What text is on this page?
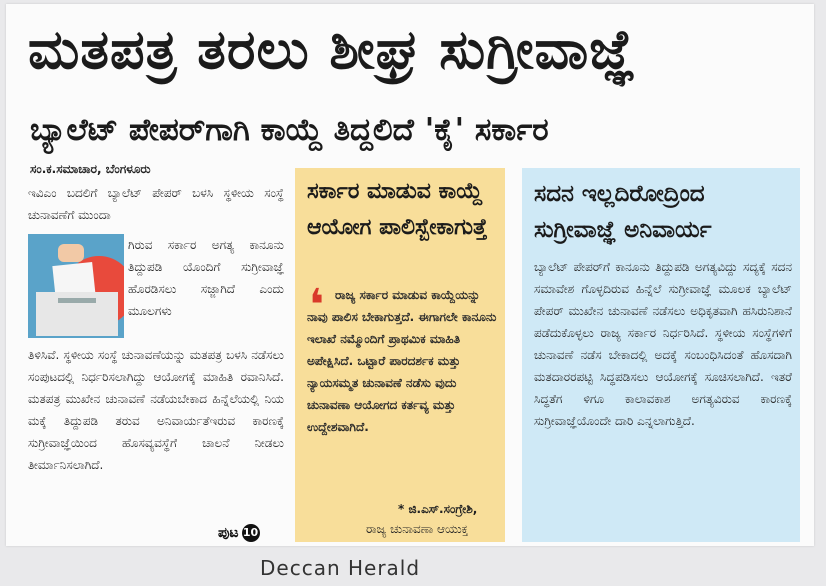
ಮತಪತ್ರ ತರಲು ಶೀಘ್ರ ಸುಗ್ರೀವಾಜ್ಞೆ
ಬ್ಯಾಲೆಟ್ ಪೇಪರ್‌ಗಾಗಿ ಕಾಯ್ದೆ ತಿದ್ದಲಿದೆ 'ಕೈ' ಸರ್ಕಾರ
ಸಂ.ಕ.ಸಮಾಚಾರ, ಬೆಂಗಳೂರು

ಇವಿಎಂ ಬದಲಿಗೆ ಬ್ಯಾಲೆಟ್ ಪೇಪರ್ ಬಳಸಿ ಸ್ಥಳೀಯ ಸಂಸ್ಥೆ ಚುನಾವಣೆಗೆ ಮುಂದಾ

ಗಿರುವ ಸರ್ಕಾರ ಅಗತ್ಯ ಕಾನೂನು ತಿದ್ದುಪಡಿ ಯೊಂದಿಗೆ ಸುಗ್ರೀವಾಜ್ಞೆ ಹೊರಡಿಸಲು ಸಜ್ಜಾಗಿದೆ ಎಂದು ಮೂಲಗಳು
ತಿಳಿಸಿವೆ. ಸ್ಥಳೀಯ ಸಂಸ್ಥೆ ಚುನಾವಣೆಯನ್ನು ಮತಪತ್ರ ಬಳಸಿ ನಡೆಸಲು ಸಂಪುಟದಲ್ಲಿ ನಿರ್ಧರಿಸಲಾಗಿದ್ದು ಆಯೋಗಕ್ಕೆ ಮಾಹಿತಿ ರವಾನಿಸಿದೆ. ಮತಪತ್ರ ಮುಖೇನ ಚುನಾವಣೆ ನಡೆಯಬೇಕಾದ ಹಿನ್ನೆಲೆಯಲ್ಲಿ ನಿಯ ಮಕ್ಕೆ ತಿದ್ದುಪಡಿ ತರುವ ಅನಿವಾರ್ಯತೆಇರುವ ಕಾರಣಕ್ಕೆ ಸುಗ್ರೀವಾಜ್ಞೆಯಿಂದ ಹೊಸವ್ಯವಸ್ಥೆಗೆ ಚಾಲನೆ ನೀಡಲು ತೀರ್ಮಾನಿಸಲಾಗಿದೆ.
ಪುಟ 10
ಸರ್ಕಾರ ಮಾಡುವ ಕಾಯ್ದೆ ಆಯೋಗ ಪಾಲಿಸ್ಬೇಕಾಗುತ್ತೆ
❛ ರಾಜ್ಯ ಸರ್ಕಾರ ಮಾಡುವ ಕಾಯ್ದೆಯನ್ನು ನಾವು ಪಾಲಿಸ ಬೇಕಾಗುತ್ತದೆ. ಈಗಾಗಲೇ ಕಾನೂನು ಇಲಾಖೆ ನಮ್ಮೊಂದಿಗೆ ಪ್ರಾಥಮಿಕ ಮಾಹಿತಿ ಅಪೇಕ್ಷಿಸಿದೆ. ಒಟ್ಟಾರೆ ಪಾರದರ್ಶಕ ಮತ್ತು ನ್ಯಾಯಸಮ್ಮತ ಚುನಾವಣೆ ನಡೆಸು ವುದು ಚುನಾವಣಾ ಆಯೋಗದ ಕರ್ತವ್ಯ ಮತ್ತು ಉದ್ದೇಶವಾಗಿದೆ.

* ಜಿ.ಎಸ್.ಸಂಗ್ರೇಶಿ,
ರಾಜ್ಯ ಚುನಾವಣಾ ಆಯುಕ್ತ
ಸದನ ಇಲ್ಲದಿರೋದ್ರಿಂದ ಸುಗ್ರೀವಾಜ್ಞೆ ಅನಿವಾರ್ಯ

ಬ್ಯಾಲೆಟ್ ಪೇಪರ್‌ಗೆ ಕಾನೂನು ತಿದ್ದುಪಡಿ ಅಗತ್ಯವಿದ್ದು ಸದ್ಯಕ್ಕೆ ಸದನ ಸಮಾವೇಶ ಗೊಳ್ಳದಿರುವ ಹಿನ್ನೆಲೆ ಸುಗ್ರೀವಾಜ್ಞೆ ಮೂಲಕ ಬ್ಯಾಲೆಟ್ ಪೇಪರ್ ಮುಖೇನ ಚುನಾವಣೆ ನಡೆಸಲು ಅಧಿಕೃತವಾಗಿ ಹಸಿರುನಿಶಾನೆ ಪಡೆದುಕೊಳ್ಳಲು ರಾಜ್ಯ ಸರ್ಕಾರ ನಿರ್ಧರಿಸಿದೆ. ಸ್ಥಳೀಯ ಸಂಸ್ಥೆಗಳಿಗೆ ಚುನಾವಣೆ ನಡೆಸ ಬೇಕಾದಲ್ಲಿ ಅದಕ್ಕೆ ಸಂಬಂಧಿಸಿದಂತೆ ಹೊಸದಾಗಿ ಮತದಾರರಪಟ್ಟಿ ಸಿದ್ಧಪಡಿಸಲು ಆಯೋಗಕ್ಕೆ ಸೂಚಿಸಲಾಗಿದೆ. ಇತರೆ ಸಿದ್ಧತೆಗ ಳಿಗೂ ಕಾಲಾವಕಾಶ ಅಗತ್ಯವಿರುವ ಕಾರಣಕ್ಕೆ ಸುಗ್ರೀವಾಜ್ಞೆಯೊಂದೇ ದಾರಿ ಎನ್ನಲಾಗುತ್ತಿದೆ.

Deccan Herald
